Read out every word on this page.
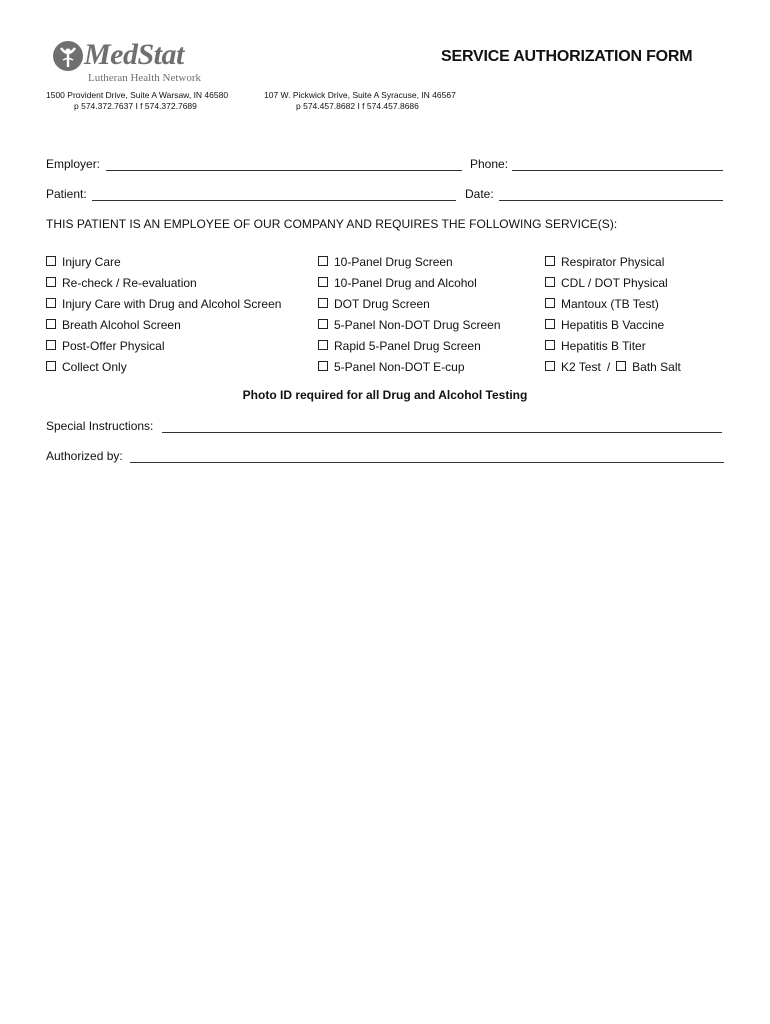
MedStat
Lutheran Health Network
SERVICE AUTHORIZATION FORM
1500 Provident Drive, Suite A Warsaw, IN 46580
p 574.372.7637 I f 574.372.7689
107 W. Pickwick Drive, Suite A Syracuse, IN 46567
p 574.457.8682 I f 574.457.8686
Employer:	Phone:
Patient:	Date:
THIS PATIENT IS AN EMPLOYEE OF OUR COMPANY AND REQUIRES THE FOLLOWING SERVICE(S):
Injury Care
Re-check / Re-evaluation
Injury Care with Drug and Alcohol Screen
Breath Alcohol Screen
Post-Offer Physical
Collect Only
10-Panel Drug Screen
10-Panel Drug and Alcohol
DOT Drug Screen
5-Panel Non-DOT Drug Screen
Rapid 5-Panel Drug Screen
5-Panel Non-DOT E-cup
Respirator Physical
CDL / DOT Physical
Mantoux (TB Test)
Hepatitis B Vaccine
Hepatitis B Titer
K2 Test / Bath Salt
Photo ID required for all Drug and Alcohol Testing
Special Instructions:
Authorized by:
